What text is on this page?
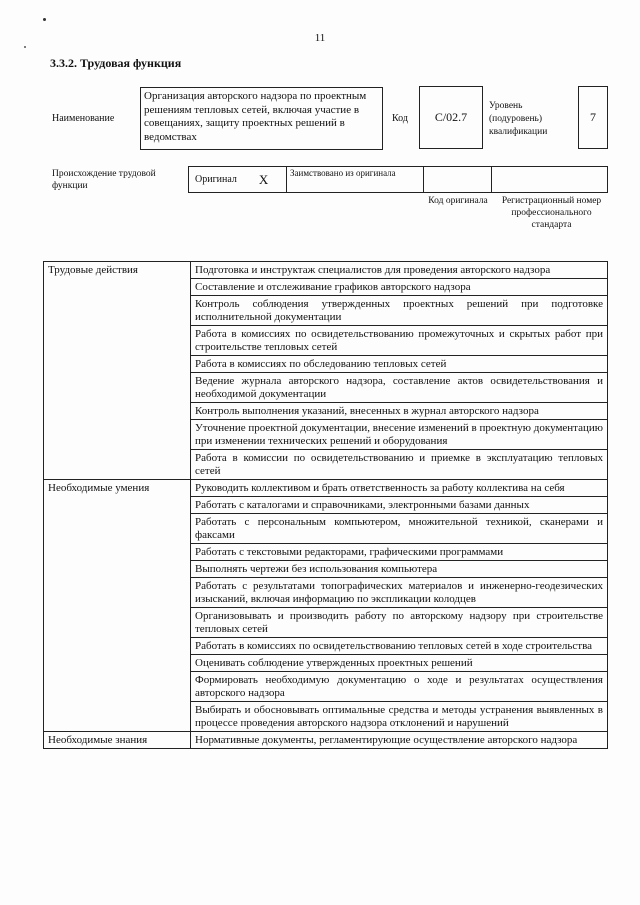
11
3.3.2. Трудовая функция
Наименование
Организация авторского надзора по проектным решениям тепловых сетей, включая участие в совещаниях, защиту проектных решений в ведомствах
Код	C/02.7
Уровень
(подуровень)
квалификации
7
Происхождение трудовой функции
Оригинал X	Заимствовано из оригинала
Код оригинала	Регистрационный номер профессионального стандарта
Трудовые действия	Подготовка и инструктаж специалистов для проведения авторского надзора
	Составление и отслеживание графиков авторского надзора
	Контроль соблюдения утвержденных проектных решений при подготовке исполнительной документации
	Работа в комиссиях по освидетельствованию промежуточных и скрытых работ при строительстве тепловых сетей
	Работа в комиссиях по обследованию тепловых сетей
	Ведение журнала авторского надзора, составление актов освидетельствования и необходимой документации
	Контроль выполнения указаний, внесенных в журнал авторского надзора
	Уточнение проектной документации, внесение изменений в проектную документацию при изменении технических решений и оборудования
	Работа в комиссии по освидетельствованию и приемке в эксплуатацию тепловых сетей
Необходимые умения	Руководить коллективом и брать ответственность за работу коллектива на себя
	Работать с каталогами и справочниками, электронными базами данных
	Работать с персональным компьютером, множительной техникой, сканерами и факсами
	Работать с текстовыми редакторами, графическими программами
	Выполнять чертежи без использования компьютера
	Работать с результатами топографических материалов и инженерно-геодезических изысканий, включая информацию по экспликации колодцев
	Организовывать и производить работу по авторскому надзору при строительстве тепловых сетей
	Работать в комиссиях по освидетельствованию тепловых сетей в ходе строительства
	Оценивать соблюдение утвержденных проектных решений
	Формировать необходимую документацию о ходе и результатах осуществления авторского надзора
	Выбирать и обосновывать оптимальные средства и методы устранения выявленных в процессе проведения авторского надзора отклонений и нарушений
Необходимые знания	Нормативные документы, регламентирующие осуществление авторского надзора
